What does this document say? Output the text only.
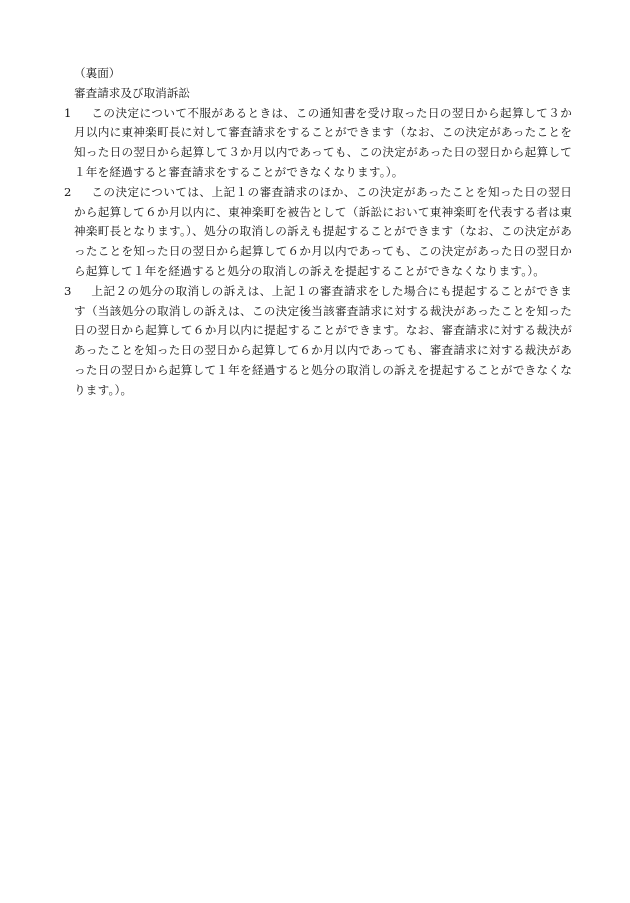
（裏面）
審査請求及び取消訴訟
1	この決定について不服があるときは、この通知書を受け取った日の翌日から起算して３か月以内に東神楽町長に対して審査請求をすることができます（なお、この決定があったことを知った日の翌日から起算して３か月以内であっても、この決定があった日の翌日から起算して１年を経過すると審査請求をすることができなくなります。）。
2	この決定については、上記１の審査請求のほか、この決定があったことを知った日の翌日から起算して６か月以内に、東神楽町を被告として（訴訟において東神楽町を代表する者は東神楽町長となります。）、処分の取消しの訴えも提起することができます（なお、この決定があったことを知った日の翌日から起算して６か月以内であっても、この決定があった日の翌日から起算して１年を経過すると処分の取消しの訴えを提起することができなくなります。）。
3	上記２の処分の取消しの訴えは、上記１の審査請求をした場合にも提起することができます（当該処分の取消しの訴えは、この決定後当該審査請求に対する裁決があったことを知った日の翌日から起算して６か月以内に提起することができます。なお、審査請求に対する裁決があったことを知った日の翌日から起算して６か月以内であっても、審査請求に対する裁決があった日の翌日から起算して１年を経過すると処分の取消しの訴えを提起することができなくなります。）。
